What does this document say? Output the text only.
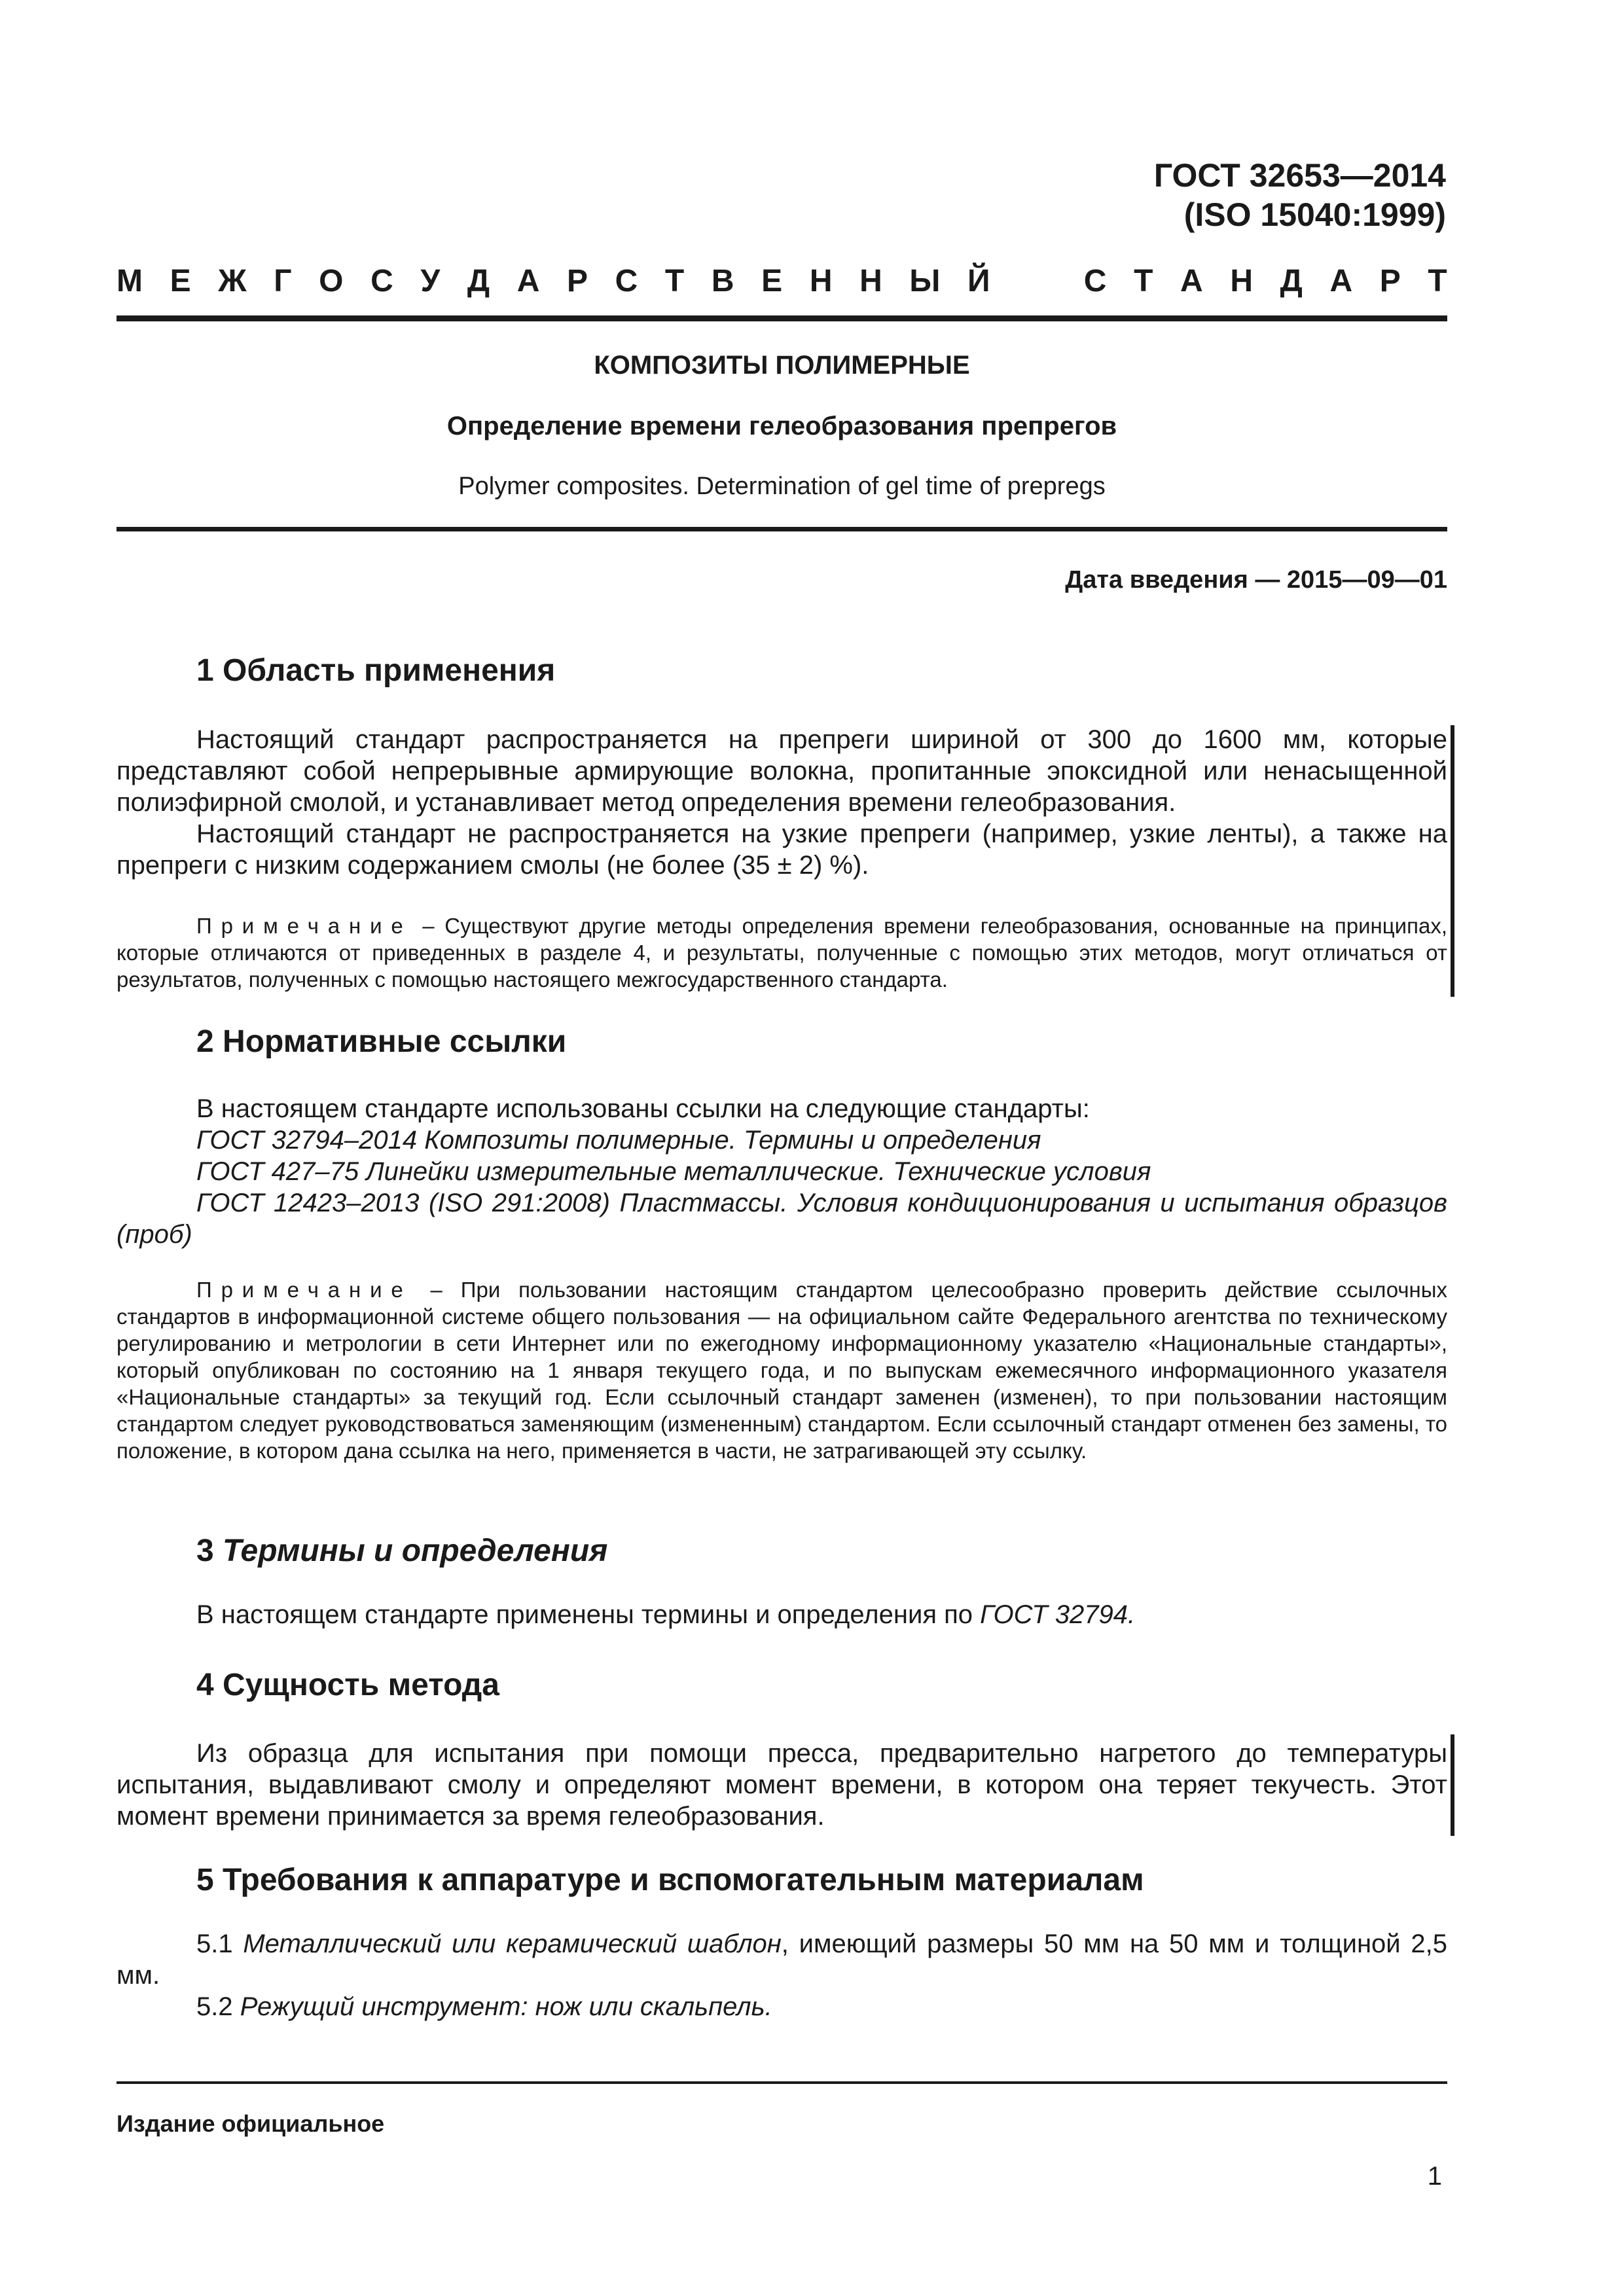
ГОСТ 32653—2014
(ISO 15040:1999)
М Е Ж Г О С У Д А Р С Т В Е Н Н Ы Й	С Т А Н Д А Р Т
КОМПОЗИТЫ ПОЛИМЕРНЫЕ
Определение времени гелеобразования препрегов
Polymer composites. Determination of gel time of prepregs
Дата введения — 2015—09—01
1 Область применения

Настоящий стандарт распространяется на препреги шириной от 300 до 1600 мм, которые представляют собой непрерывные армирующие волокна, пропитанные эпоксидной или ненасыщенной полиэфирной смолой, и устанавливает метод определения времени гелеобразования.

Настоящий стандарт не распространяется на узкие препреги (например, узкие ленты), а также на препреги с низким содержанием смолы (не более (35 ± 2) %).

Примечание – Существуют другие методы определения времени гелеобразования, основанные на принципах, которые отличаются от приведенных в разделе 4, и результаты, полученные с помощью этих методов, могут отличаться от результатов, полученных с помощью настоящего межгосударственного стандарта.

2 Нормативные ссылки

В настоящем стандарте использованы ссылки на следующие стандарты:

ГОСТ 32794–2014 Композиты полимерные. Термины и определения

ГОСТ 427–75 Линейки измерительные металлические. Технические условия

ГОСТ 12423–2013 (ISO 291:2008) Пластмассы. Условия кондиционирования и испытания образцов (проб)

Примечание – При пользовании настоящим стандартом целесообразно проверить действие ссылочных стандартов в информационной системе общего пользования — на официальном сайте Федерального агентства по техническому регулированию и метрологии в сети Интернет или по ежегодному информационному указателю «Национальные стандарты», который опубликован по состоянию на 1 января текущего года, и по выпускам ежемесячного информационного указателя «Национальные стандарты» за текущий год. Если ссылочный стандарт заменен (изменен), то при пользовании настоящим стандартом следует руководствоваться заменяющим (измененным) стандартом. Если ссылочный стандарт отменен без замены, то положение, в котором дана ссылка на него, применяется в части, не затрагивающей эту ссылку.

3 Термины и определения

В настоящем стандарте применены термины и определения по ГОСТ 32794.

4 Сущность метода

Из образца для испытания при помощи пресса, предварительно нагретого до температуры испытания, выдавливают смолу и определяют момент времени, в котором она теряет текучесть. Этот момент времени принимается за время гелеобразования.

5 Требования к аппаратуре и вспомогательным материалам

5.1 Металлический или керамический шаблон, имеющий размеры 50 мм на 50 мм и толщиной 2,5 мм.

5.2 Режущий инструмент: нож или скальпель.

Издание официальное
1
